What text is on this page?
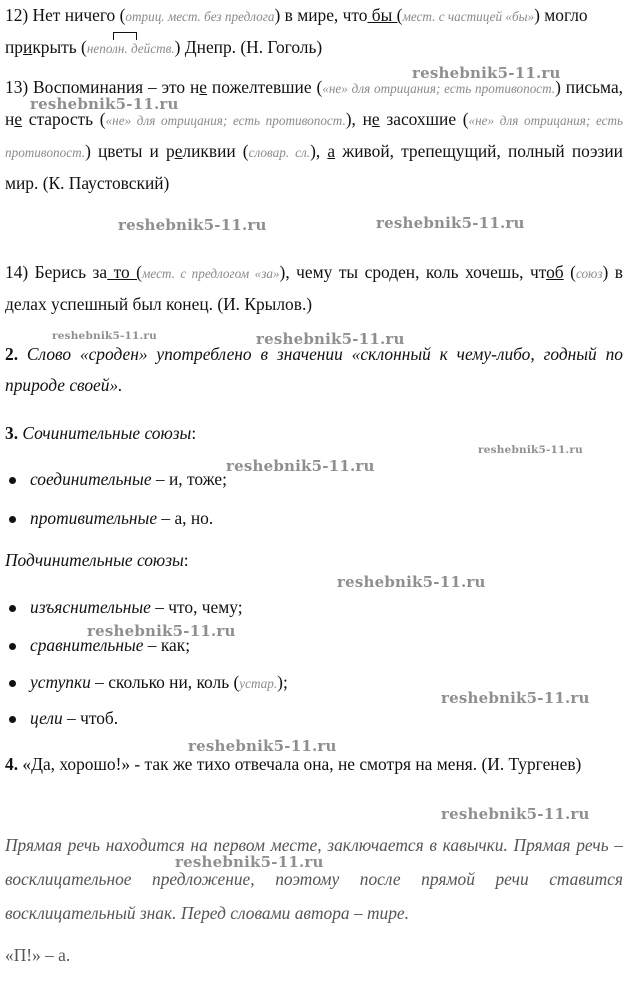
12) Нет ничего (отриц. мест. без предлога) в мире, что бы (мест. с частицей «бы») могло прикрыть (неполн. действ.) Днепр. (Н. Гоголь)
13) Воспоминания – это не пожелтевшие («не» для отрицания; есть противопост.) письма, не старость («не» для отрицания; есть противопост.), не засохшие («не» для отрицания; есть противопост.) цветы и реликвии (словар. сл.), а живой, трепещущий, полный поэзии мир. (К. Паустовский)
14) Берись за то (мест. с предлогом «за»), чему ты сроден, коль хочешь, чтоб (союз) в делах успешный был конец. (И. Крылов.)
2. Слово «сроден» употреблено в значении «склонный к чему-либо, годный по природе своей».
3. Сочинительные союзы:
соединительные – и, тоже;
противительные – а, но.
Подчинительные союзы:
изъяснительные – что, чему;
сравнительные – как;
уступки – сколько ни, коль (устар.);
цели – чтоб.
4. «Да, хорошо!» - так же тихо отвечала она, не смотря на меня. (И. Тургенев)
Прямая речь находится на первом месте, заключается в кавычки. Прямая речь – восклицательное предложение, поэтому после прямой речи ставится восклицательный знак. Перед словами автора – тире.
«П!» – а.
reshebnik5-11.ru
reshebnik5-11.ru
reshebnik5-11.ru	reshebnik5-11.ru
reshebnik5-11.ru	reshebnik5-11.ru
reshebnik5-11.ru
reshebnik5-11.ru
reshebnik5-11.ru
reshebnik5-11.ru
reshebnik5-11.ru
reshebnik5-11.ru
reshebnik5-11.ru
reshebnik5-11.ru
